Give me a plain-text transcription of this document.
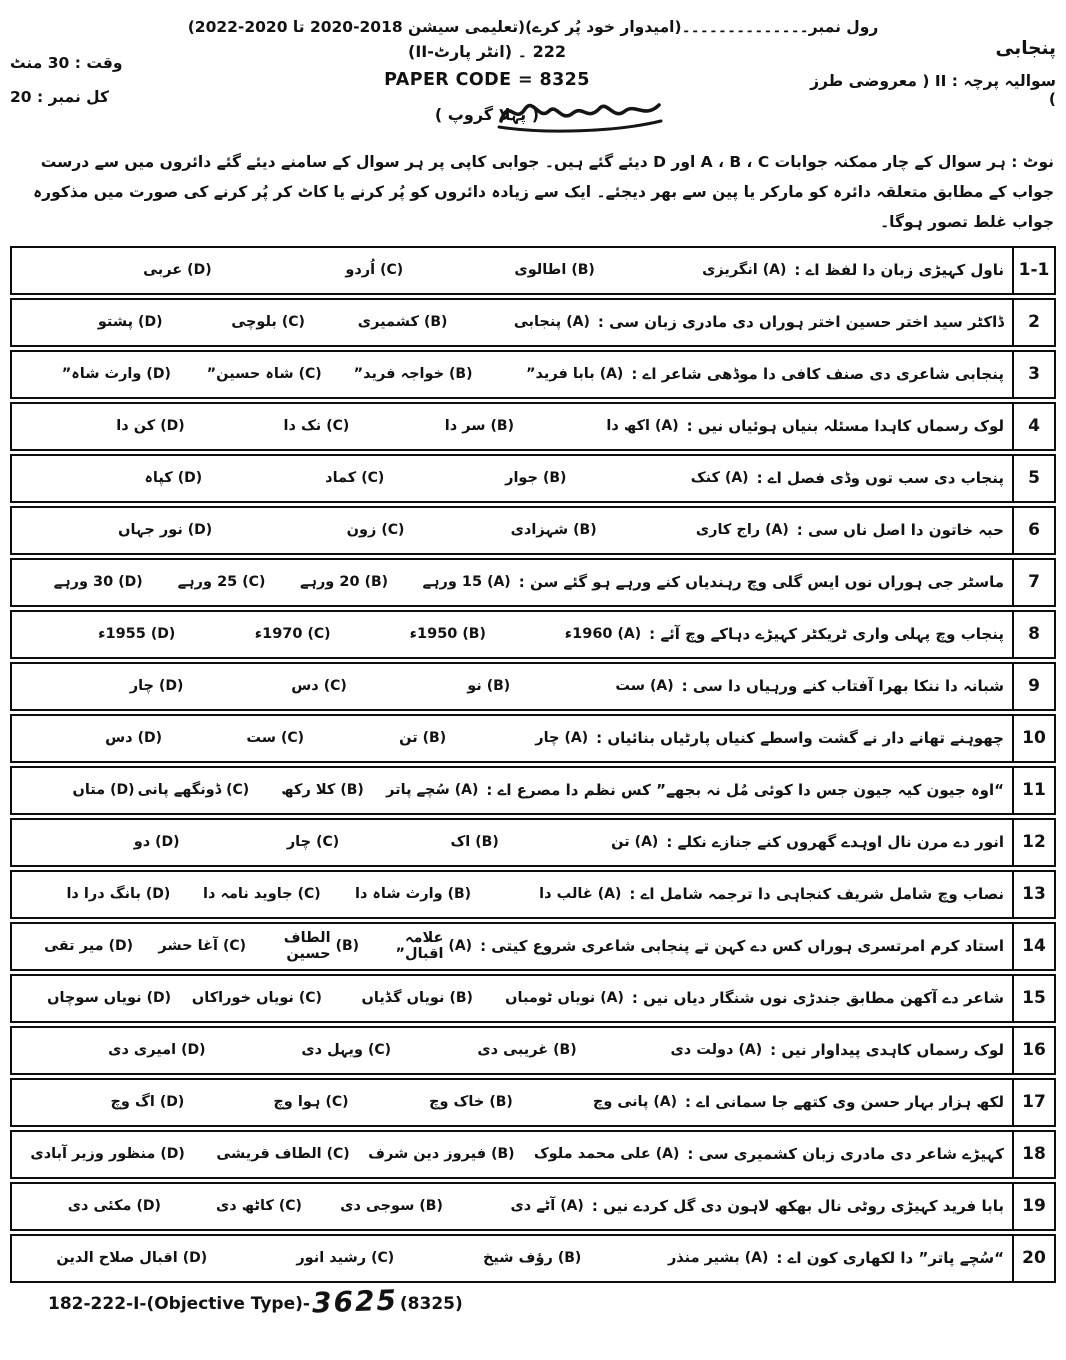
رول نمبر۔۔۔۔۔۔۔۔۔۔۔۔۔۔(امیدوار خود پُر کرے)(تعلیمی سیشن 2018-2020 تا 2020-2022)
وقت : 30 منٹ
کل نمبر : 20
222 ۔ (انٹر پارٹ-II)
PAPER CODE = 8325
( پہلا گروپ )
پنجابی
سوالیہ پرچہ : II ( معروضی طرز )
نوٹ : ہر سوال کے چار ممکنہ جوابات A ، B ، C اور D دیئے گئے ہیں۔ جوابی کاپی پر ہر سوال کے سامنے دیئے گئے دائروں میں سے درست جواب کے مطابق متعلقہ دائرہ کو مارکر یا پین سے بھر دیجئے۔ ایک سے زیادہ دائروں کو پُر کرنے یا کاٹ کر پُر کرنے کی صورت میں مذکورہ جواب غلط تصور ہوگا۔
1-1
ناول کہیڑی زبان دا لفظ اے :
(A)
انگریزی
(B)
اطالوی
(C)
اُردو
(D)
عربی
2
ڈاکٹر سید اختر حسین اختر ہوراں دی مادری زبان سی :
(A)
پنجابی
(B)
کشمیری
(C)
بلوچی
(D)
پشتو
3
پنجابی شاعری دی صنف کافی دا موڈھی شاعر اے :
(A)
بابا فرید”
(B)
خواجہ فرید”
(C)
شاہ حسین”
(D)
وارث شاہ”
4
لوک رسماں کاہدا مسئلہ بنیاں ہوئیاں نیں :
(A)
اکھ دا
(B)
سر دا
(C)
نک دا
(D)
کن دا
5
پنجاب دی سب توں وڈی فصل اے :
(A)
کنک
(B)
جوار
(C)
کماد
(D)
کپاہ
6
حبہ خاتون دا اصل ناں سی :
(A)
راج کاری
(B)
شہزادی
(C)
زون
(D)
نور جہاں
7
ماسٹر جی ہوراں نوں ایس گلی وچ رہندیاں کنے ورہے ہو گئے سن :
(A)
15 ورہے
(B)
20 ورہے
(C)
25 ورہے
(D)
30 ورہے
8
پنجاب وچ پہلی واری ٹریکٹر کہیڑے دہاکے وچ آئے :
(A)
1960ء
(B)
1950ء
(C)
1970ء
(D)
1955ء
9
شبانہ دا ننکا بھرا آفتاب کنے ورہیاں دا سی :
(A)
ست
(B)
نو
(C)
دس
(D)
چار
10
چھوہنے تھانے دار نے گشت واسطے کنیاں پارٹیاں بنائیاں :
(A)
چار
(B)
تن
(C)
ست
(D)
دس
11
“اوہ جیون کیہ جیون جس دا کوئی مُل نہ بجھے” کس نظم دا مصرع اے :
(A)
سُچے پاتر
(B)
کلا رکھ
(C)
ڈونگھے پانی
(D)
متاں
12
انور دے مرن نال اوہدے گھروں کنے جنازے نکلے :
(A)
تن
(B)
اک
(C)
چار
(D)
دو
13
نصاب وچ شامل شریف کنجاہی دا ترجمہ شامل اے :
(A)
غالب دا
(B)
وارث شاہ دا
(C)
جاوید نامہ دا
(D)
بانگ درا دا
14
استاد کرم امرتسری ہوراں کس دے کہن تے پنجابی شاعری شروع کیتی :
(A)
علامہ اقبال”
(B)
الطاف حسین
(C)
آغا حشر
(D)
میر تقی
15
شاعر دے آکھن مطابق جندڑی نوں شنگار دیاں نیں :
(A)
نویاں ٹومباں
(B)
نویاں گڈیاں
(C)
نویاں خوراکاں
(D)
نویاں سوچاں
16
لوک رسماں کاہدی پیداوار نیں :
(A)
دولت دی
(B)
غریبی دی
(C)
ویہل دی
(D)
امیری دی
17
لکھ ہزار بہار حسن وی کتھے جا سمانی اے :
(A)
پانی وچ
(B)
خاک وچ
(C)
ہوا وچ
(D)
اگ وچ
18
کہیڑے شاعر دی مادری زبان کشمیری سی :
(A)
علی محمد ملوک
(B)
فیروز دین شرف
(C)
الطاف قریشی
(D)
منظور وزیر آبادی
19
بابا فرید کہیڑی روٹی نال بھکھ لاہون دی گل کردے نیں :
(A)
آٹے دی
(B)
سوجی دی
(C)
کاٹھ دی
(D)
مکئی دی
20
“سُچے پاتر” دا لکھاری کون اے :
(A)
بشیر منذر
(B)
رؤف شیخ
(C)
رشید انور
(D)
اقبال صلاح الدین
182-222-I-(Objective Type)- 3625 (8325)
